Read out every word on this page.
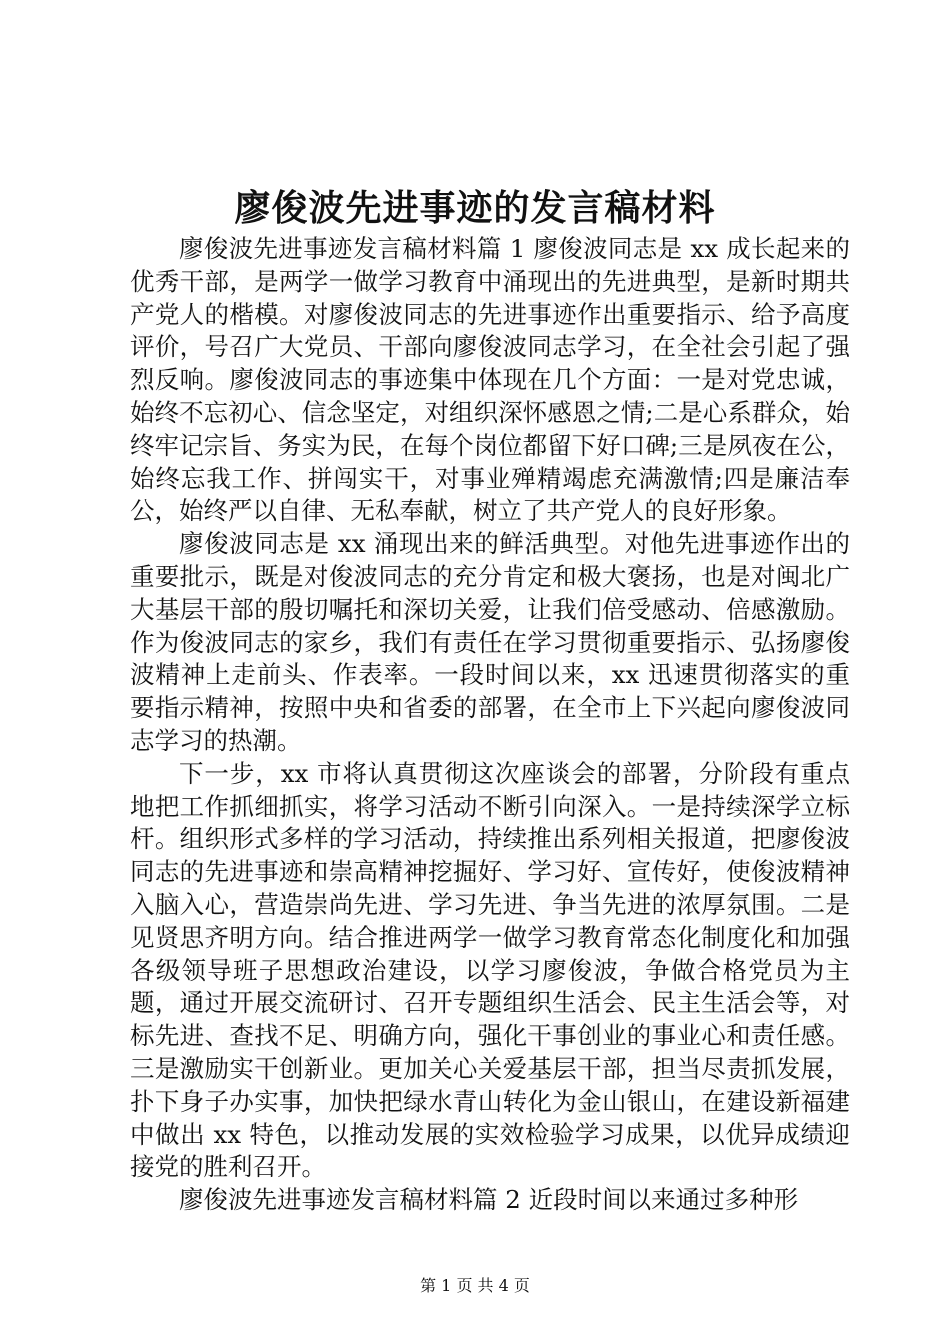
廖俊波先进事迹的发言稿材料

廖俊波先进事迹发言稿材料篇 1 廖俊波同志是 xx 成长起来的优秀干部，是两学一做学习教育中涌现出的先进典型，是新时期共产党人的楷模。对廖俊波同志的先进事迹作出重要指示、给予高度评价，号召广大党员、干部向廖俊波同志学习，在全社会引起了强烈反响。廖俊波同志的事迹集中体现在几个方面：一是对党忠诚，始终不忘初心、信念坚定，对组织深怀感恩之情;二是心系群众，始终牢记宗旨、务实为民，在每个岗位都留下好口碑;三是夙夜在公，始终忘我工作、拼闯实干，对事业殚精竭虑充满激情;四是廉洁奉公，始终严以自律、无私奉献，树立了共产党人的良好形象。

廖俊波同志是 xx 涌现出来的鲜活典型。对他先进事迹作出的重要批示，既是对俊波同志的充分肯定和极大褒扬，也是对闽北广大基层干部的殷切嘱托和深切关爱，让我们倍受感动、倍感激励。作为俊波同志的家乡，我们有责任在学习贯彻重要指示、弘扬廖俊波精神上走前头、作表率。一段时间以来，xx 迅速贯彻落实的重要指示精神，按照中央和省委的部署，在全市上下兴起向廖俊波同志学习的热潮。

下一步，xx 市将认真贯彻这次座谈会的部署，分阶段有重点地把工作抓细抓实，将学习活动不断引向深入。一是持续深学立标杆。组织形式多样的学习活动，持续推出系列相关报道，把廖俊波同志的先进事迹和崇高精神挖掘好、学习好、宣传好，使俊波精神入脑入心，营造崇尚先进、学习先进、争当先进的浓厚氛围。二是见贤思齐明方向。结合推进两学一做学习教育常态化制度化和加强各级领导班子思想政治建设，以学习廖俊波，争做合格党员为主题，通过开展交流研讨、召开专题组织生活会、民主生活会等，对标先进、查找不足、明确方向，强化干事创业的事业心和责任感。三是激励实干创新业。更加关心关爱基层干部，担当尽责抓发展，扑下身子办实事，加快把绿水青山转化为金山银山，在建设新福建中做出 xx 特色，以推动发展的实效检验学习成果，以优异成绩迎接党的胜利召开。

廖俊波先进事迹发言稿材料篇 2 近段时间以来通过多种形

第 1 页 共 4 页
